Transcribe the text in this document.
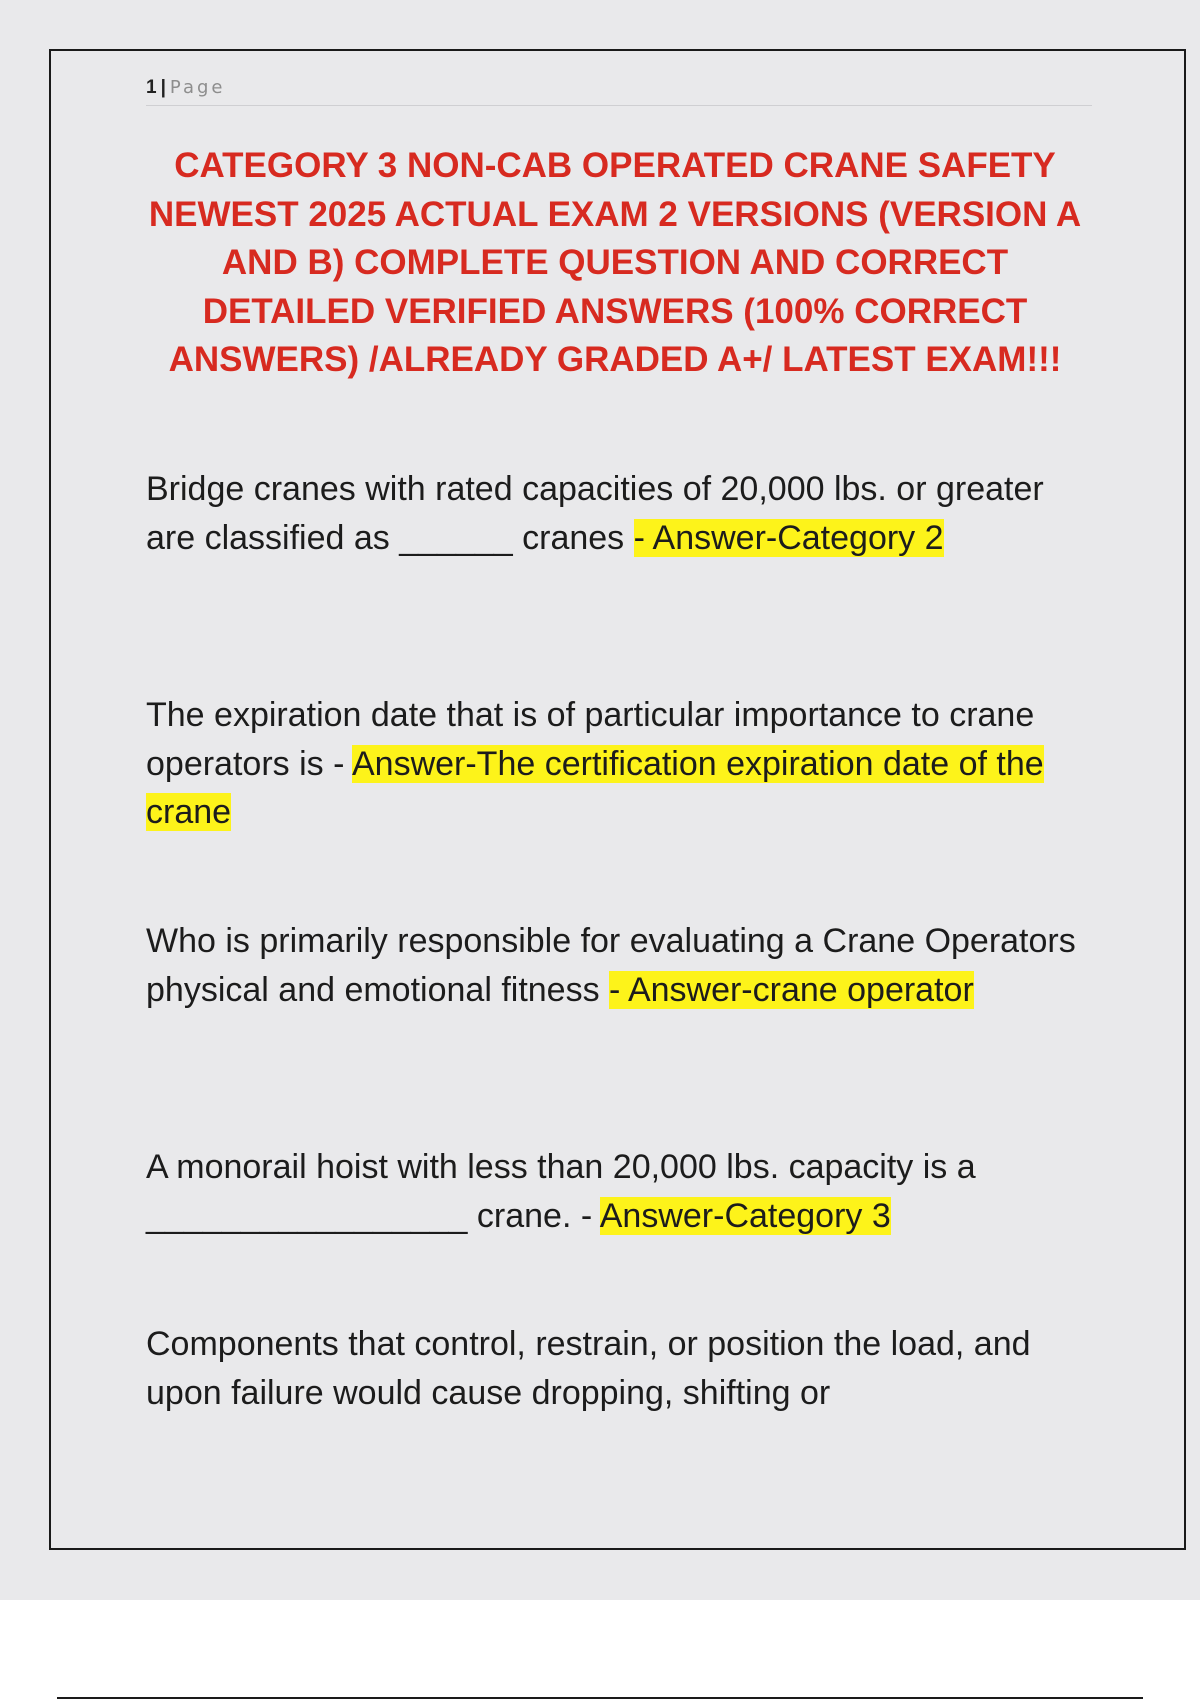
1 | Page
CATEGORY 3 NON-CAB OPERATED CRANE SAFETY NEWEST 2025 ACTUAL EXAM 2 VERSIONS (VERSION A AND B) COMPLETE QUESTION AND CORRECT DETAILED VERIFIED ANSWERS (100% CORRECT ANSWERS) /ALREADY GRADED A+/ LATEST EXAM!!!

Bridge cranes with rated capacities of 20,000 lbs. or greater are classified as ______ cranes - Answer-Category 2

The expiration date that is of particular importance to crane operators is - Answer-The certification expiration date of the crane

Who is primarily responsible for evaluating a Crane Operators physical and emotional fitness - Answer-crane operator

A monorail hoist with less than 20,000 lbs. capacity is a _________________ crane. - Answer-Category 3

Components that control, restrain, or position the load, and upon failure would cause dropping, shifting or
